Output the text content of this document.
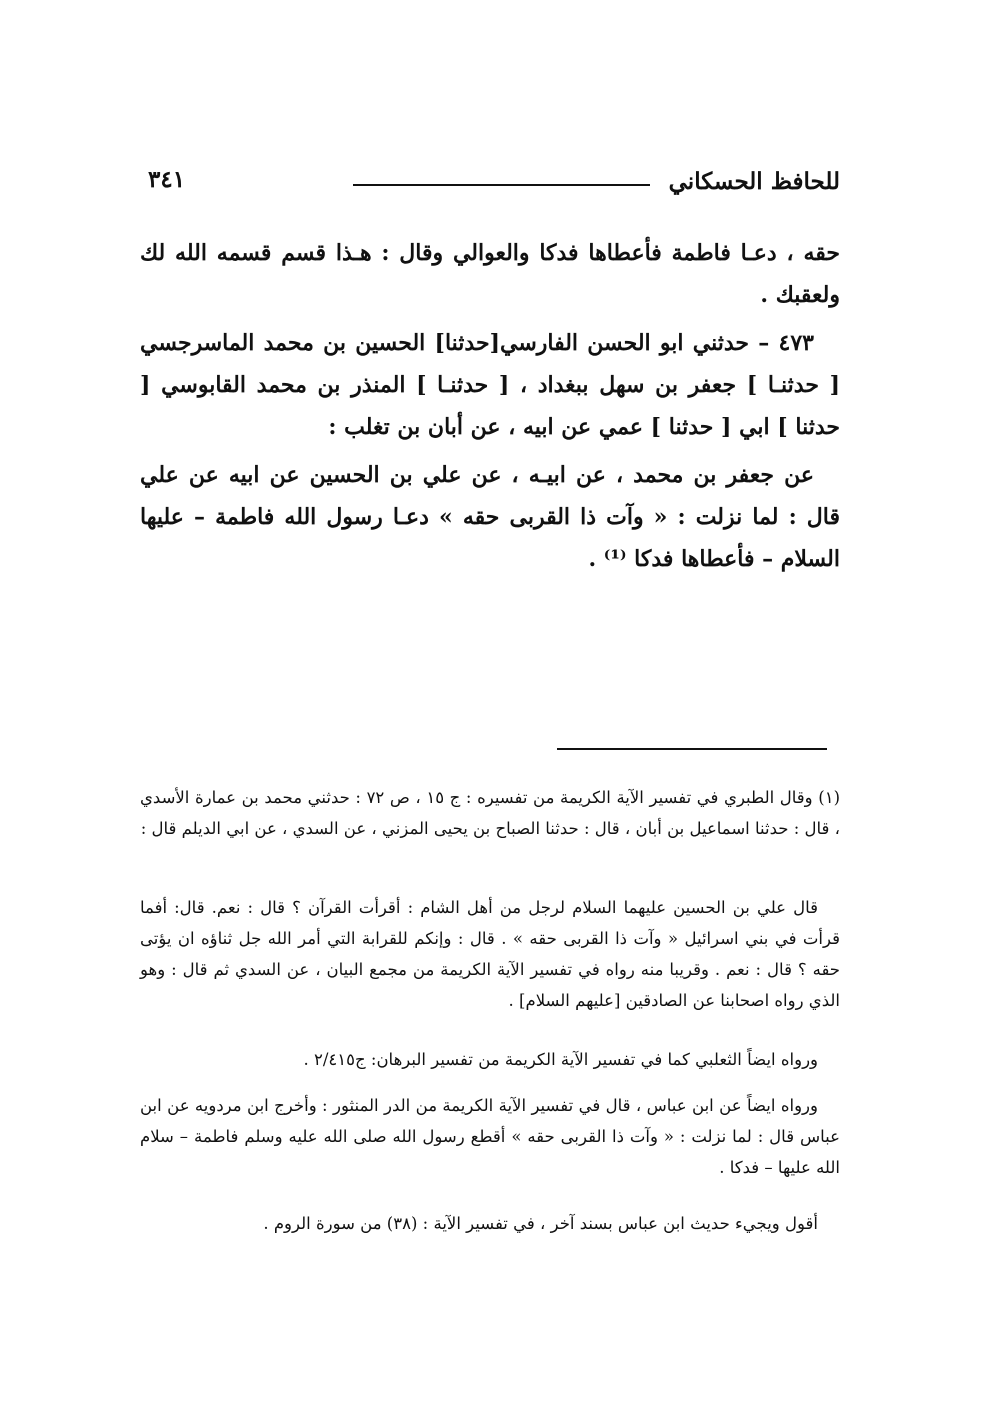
للحافظ الحسكاني
٣٤١

حقه ، دعـا فاطمة فأعطاها فدكا والعوالي وقال : هـذا قسم قسمه الله لك ولعقبك .

٤٧٣ – حدثني ابو الحسن الفارسي[حدثنا] الحسين بن محمد الماسرجسي [ حدثنـا ] جعفر بن سهل ببغداد ، [ حدثنـا ] المنذر بن محمد القابوسي [ حدثنا ] ابي [ حدثنا ] عمي عن ابيه ، عن أبان بن تغلب :

عن جعفر بن محمد ، عن ابيـه ، عن علي بن الحسين عن ابيه عن علي قال : لما نزلت : « وآت ذا القربى حقه » دعـا رسول الله فاطمة – عليها السلام – فأعطاها فدكا ⁽¹⁾ .

(١) وقال الطبري في تفسير الآية الكريمة من تفسيره : ج ١٥ ، ص ٧٢ : حدثني محمد بن عمارة الأسدي ، قال : حدثنا اسماعيل بن أبان ، قال : حدثنا الصباح بن يحيى المزني ، عن السدي ، عن ابي الديلم قال :

قال علي بن الحسين عليهما السلام لرجل من أهل الشام : أقرأت القرآن ؟ قال : نعم. قال: أفما قرأت في بني اسرائيل « وآت ذا القربى حقه » . قال : وإنكم للقرابة التي أمر الله جل ثناؤه ان يؤتى حقه ؟ قال : نعم . وقريبا منه رواه في تفسير الآية الكريمة من مجمع البيان ، عن السدي ثم قال : وهو الذي رواه اصحابنا عن الصادقين [عليهم السلام] .

ورواه ايضاً الثعلبي كما في تفسير الآية الكريمة من تفسير البرهان: ج٢/٤١٥ .

ورواه ايضاً عن ابن عباس ، قال في تفسير الآية الكريمة من الدر المنثور : وأخرج ابن مردويه عن ابن عباس قال : لما نزلت : « وآت ذا القربى حقه » أقطع رسول الله صلى الله عليه وسلم فاطمة – سلام الله عليها – فدكا .

أقول ويجيء حديث ابن عباس بسند آخر ، في تفسير الآية : (٣٨) من سورة الروم .
